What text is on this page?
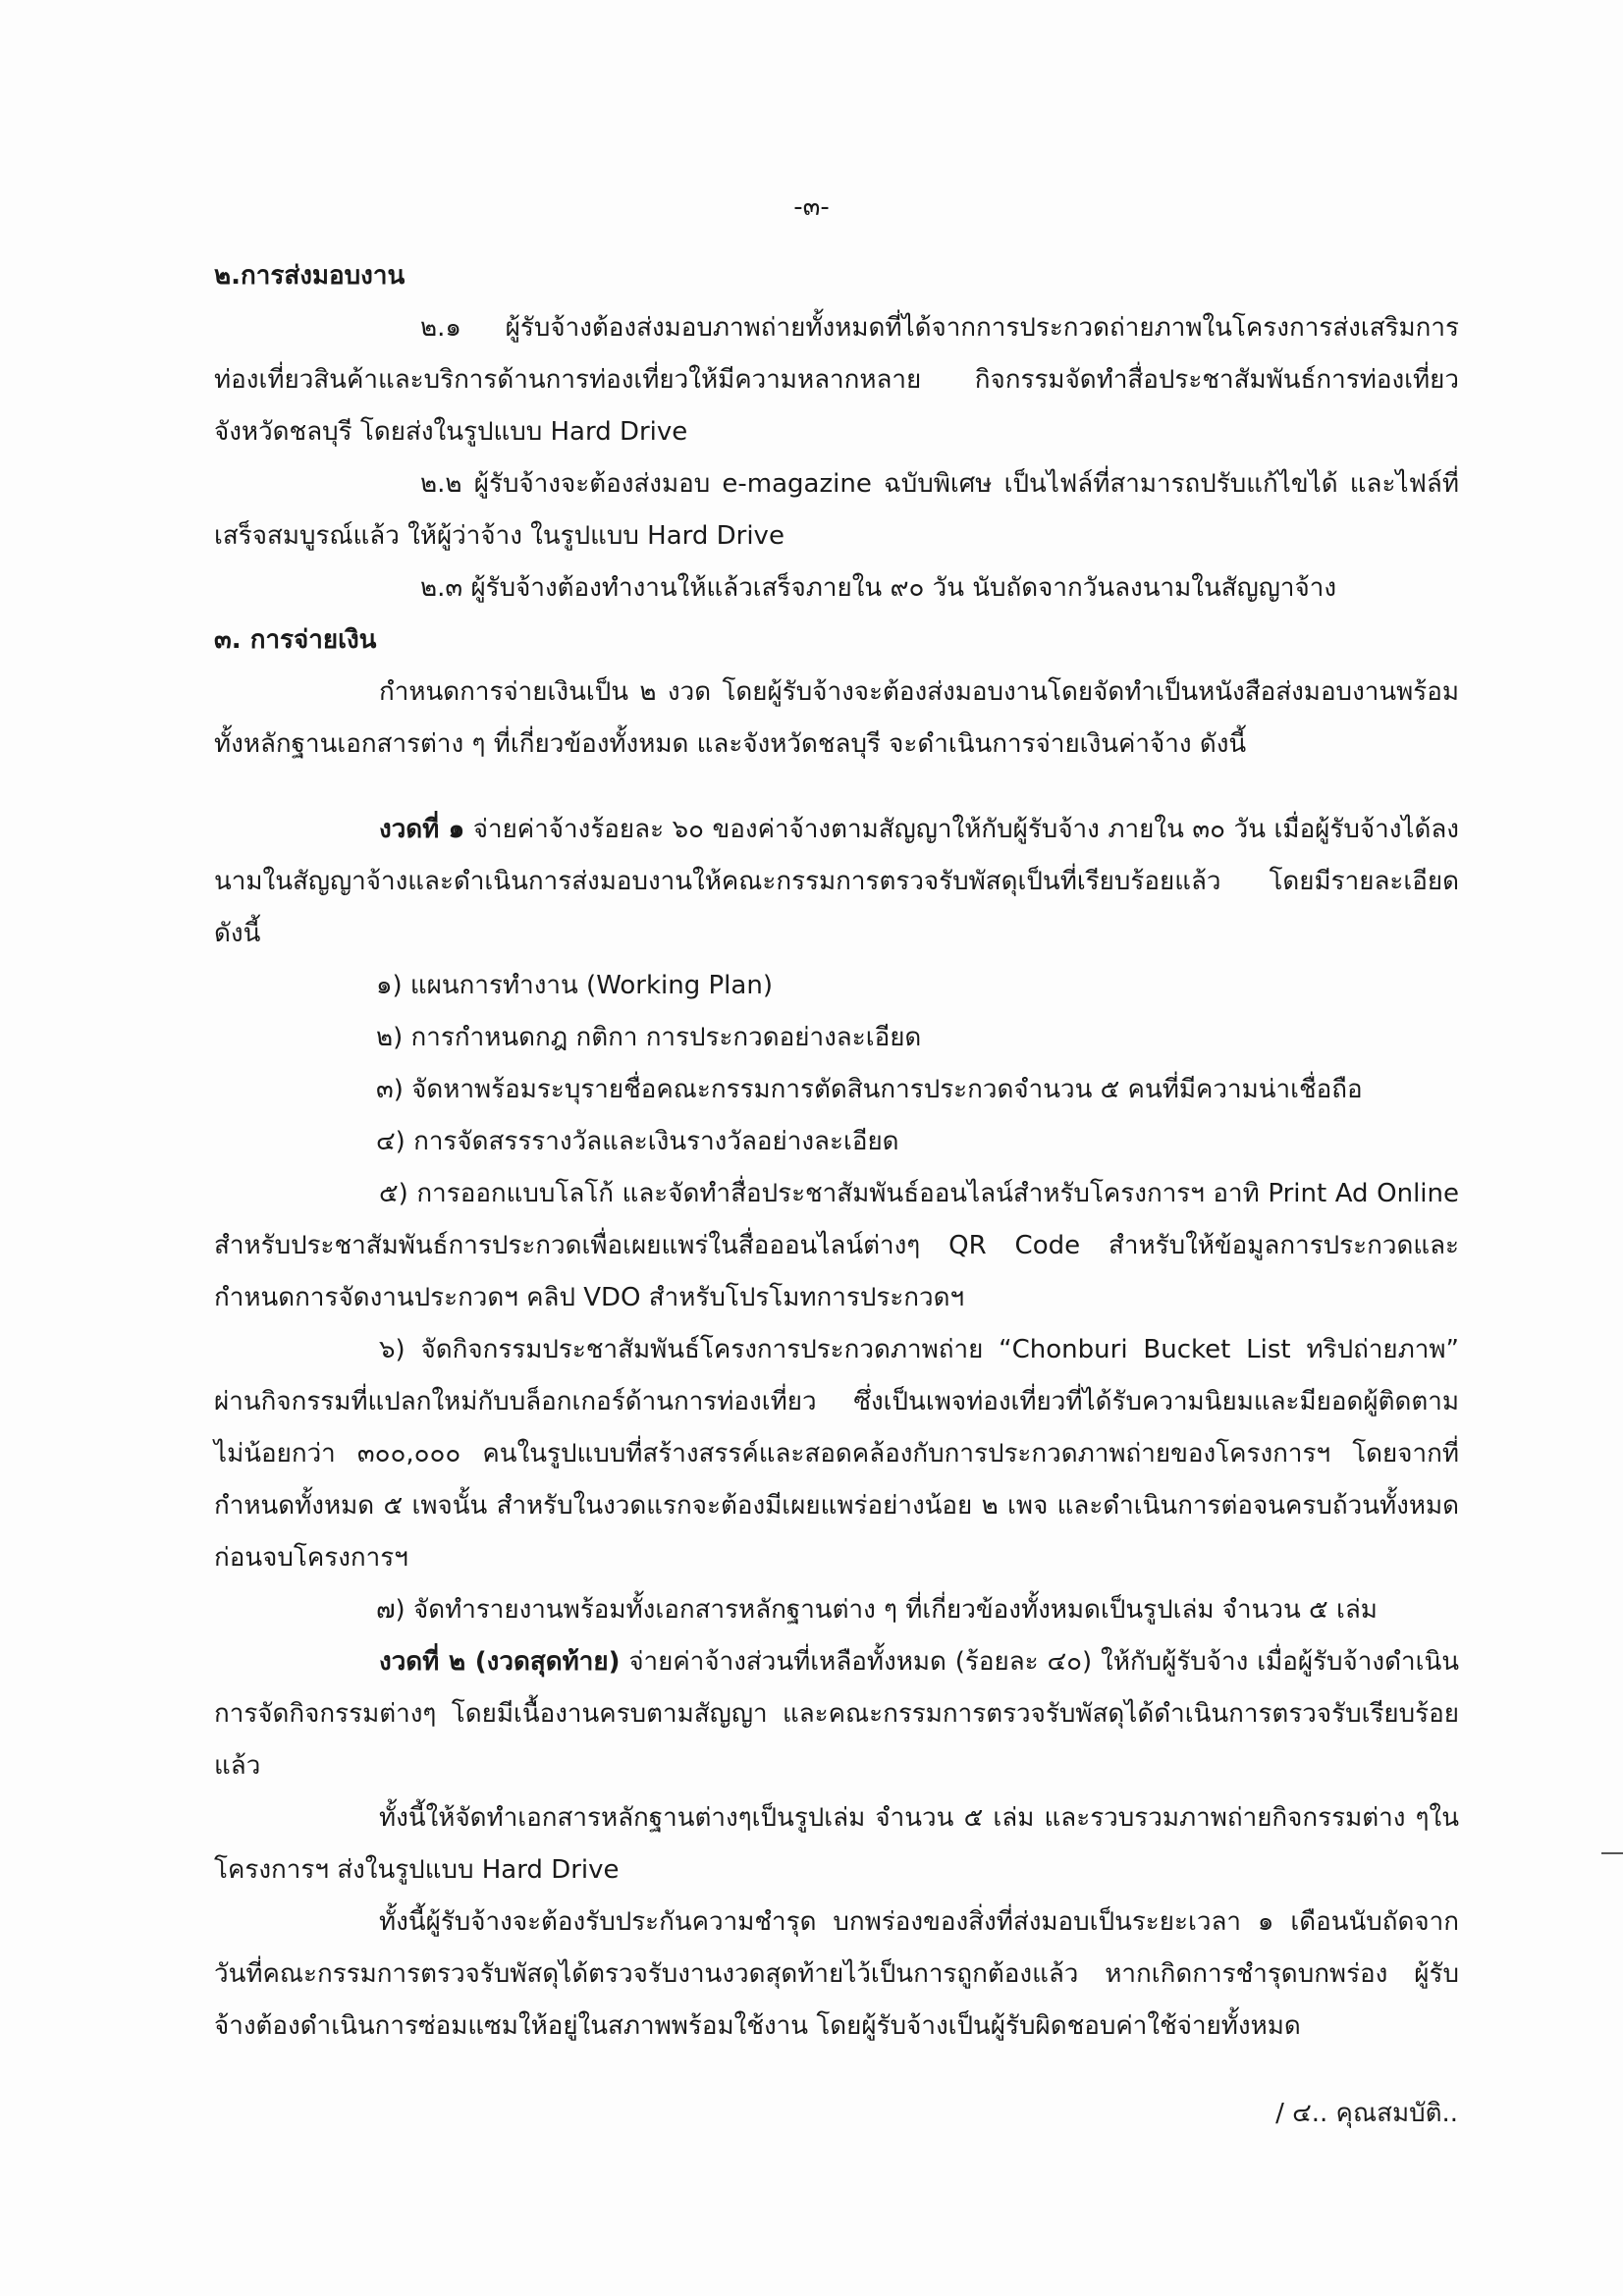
-๓-
๒.การส่งมอบงาน
๒.๑ ผู้รับจ้างต้องส่งมอบภาพถ่ายทั้งหมดที่ได้จากการประกวดถ่ายภาพในโครงการส่งเสริมการท่องเที่ยวสินค้าและบริการด้านการท่องเที่ยวให้มีความหลากหลาย กิจกรรมจัดทำสื่อประชาสัมพันธ์การท่องเที่ยวจังหวัดชลบุรี โดยส่งในรูปแบบ Hard Drive
๒.๒ ผู้รับจ้างจะต้องส่งมอบ e-magazine ฉบับพิเศษ เป็นไฟล์ที่สามารถปรับแก้ไขได้ และไฟล์ที่เสร็จสมบูรณ์แล้ว ให้ผู้ว่าจ้าง ในรูปแบบ Hard Drive
๒.๓ ผู้รับจ้างต้องทำงานให้แล้วเสร็จภายใน ๙๐ วัน นับถัดจากวันลงนามในสัญญาจ้าง
๓. การจ่ายเงิน
กำหนดการจ่ายเงินเป็น ๒ งวด โดยผู้รับจ้างจะต้องส่งมอบงานโดยจัดทำเป็นหนังสือส่งมอบงานพร้อมทั้งหลักฐานเอกสารต่าง ๆ ที่เกี่ยวข้องทั้งหมด และจังหวัดชลบุรี จะดำเนินการจ่ายเงินค่าจ้าง ดังนี้
งวดที่ ๑ จ่ายค่าจ้างร้อยละ ๖๐ ของค่าจ้างตามสัญญาให้กับผู้รับจ้าง ภายใน ๓๐ วัน เมื่อผู้รับจ้างได้ลงนามในสัญญาจ้างและดำเนินการส่งมอบงานให้คณะกรรมการตรวจรับพัสดุเป็นที่เรียบร้อยแล้ว โดยมีรายละเอียดดังนี้
๑) แผนการทำงาน (Working Plan)
๒) การกำหนดกฎ กติกา การประกวดอย่างละเอียด
๓) จัดหาพร้อมระบุรายชื่อคณะกรรมการตัดสินการประกวดจำนวน ๕ คนที่มีความน่าเชื่อถือ
๔) การจัดสรรรางวัลและเงินรางวัลอย่างละเอียด
๕) การออกแบบโลโก้ และจัดทำสื่อประชาสัมพันธ์ออนไลน์สำหรับโครงการฯ อาทิ Print Ad Online สำหรับประชาสัมพันธ์การประกวดเพื่อเผยแพร่ในสื่อออนไลน์ต่างๆ QR Code สำหรับให้ข้อมูลการประกวดและกำหนดการจัดงานประกวดฯ คลิป VDO สำหรับโปรโมทการประกวดฯ
๖) จัดกิจกรรมประชาสัมพันธ์โครงการประกวดภาพถ่าย “Chonburi Bucket List ทริปถ่ายภาพ” ผ่านกิจกรรมที่แปลกใหม่กับบล็อกเกอร์ด้านการท่องเที่ยว ซึ่งเป็นเพจท่องเที่ยวที่ได้รับความนิยมและมียอดผู้ติดตามไม่น้อยกว่า ๓๐๐,๐๐๐ คนในรูปแบบที่สร้างสรรค์และสอดคล้องกับการประกวดภาพถ่ายของโครงการฯ โดยจากที่กำหนดทั้งหมด ๕ เพจนั้น สำหรับในงวดแรกจะต้องมีเผยแพร่อย่างน้อย ๒ เพจ และดำเนินการต่อจนครบถ้วนทั้งหมดก่อนจบโครงการฯ
๗) จัดทำรายงานพร้อมทั้งเอกสารหลักฐานต่าง ๆ ที่เกี่ยวข้องทั้งหมดเป็นรูปเล่ม จำนวน ๕ เล่ม
งวดที่ ๒ (งวดสุดท้าย) จ่ายค่าจ้างส่วนที่เหลือทั้งหมด (ร้อยละ ๔๐) ให้กับผู้รับจ้าง เมื่อผู้รับจ้างดำเนินการจัดกิจกรรมต่างๆ โดยมีเนื้องานครบตามสัญญา และคณะกรรมการตรวจรับพัสดุได้ดำเนินการตรวจรับเรียบร้อยแล้ว
ทั้งนี้ให้จัดทำเอกสารหลักฐานต่างๆเป็นรูปเล่ม จำนวน ๕ เล่ม และรวบรวมภาพถ่ายกิจกรรมต่าง ๆในโครงการฯ ส่งในรูปแบบ Hard Drive
ทั้งนี้ผู้รับจ้างจะต้องรับประกันความชำรุด บกพร่องของสิ่งที่ส่งมอบเป็นระยะเวลา ๑ เดือนนับถัดจากวันที่คณะกรรมการตรวจรับพัสดุได้ตรวจรับงานงวดสุดท้ายไว้เป็นการถูกต้องแล้ว หากเกิดการชำรุดบกพร่อง ผู้รับจ้างต้องดำเนินการซ่อมแซมให้อยู่ในสภาพพร้อมใช้งาน โดยผู้รับจ้างเป็นผู้รับผิดชอบค่าใช้จ่ายทั้งหมด
/ ๔.. คุณสมบัติ..
